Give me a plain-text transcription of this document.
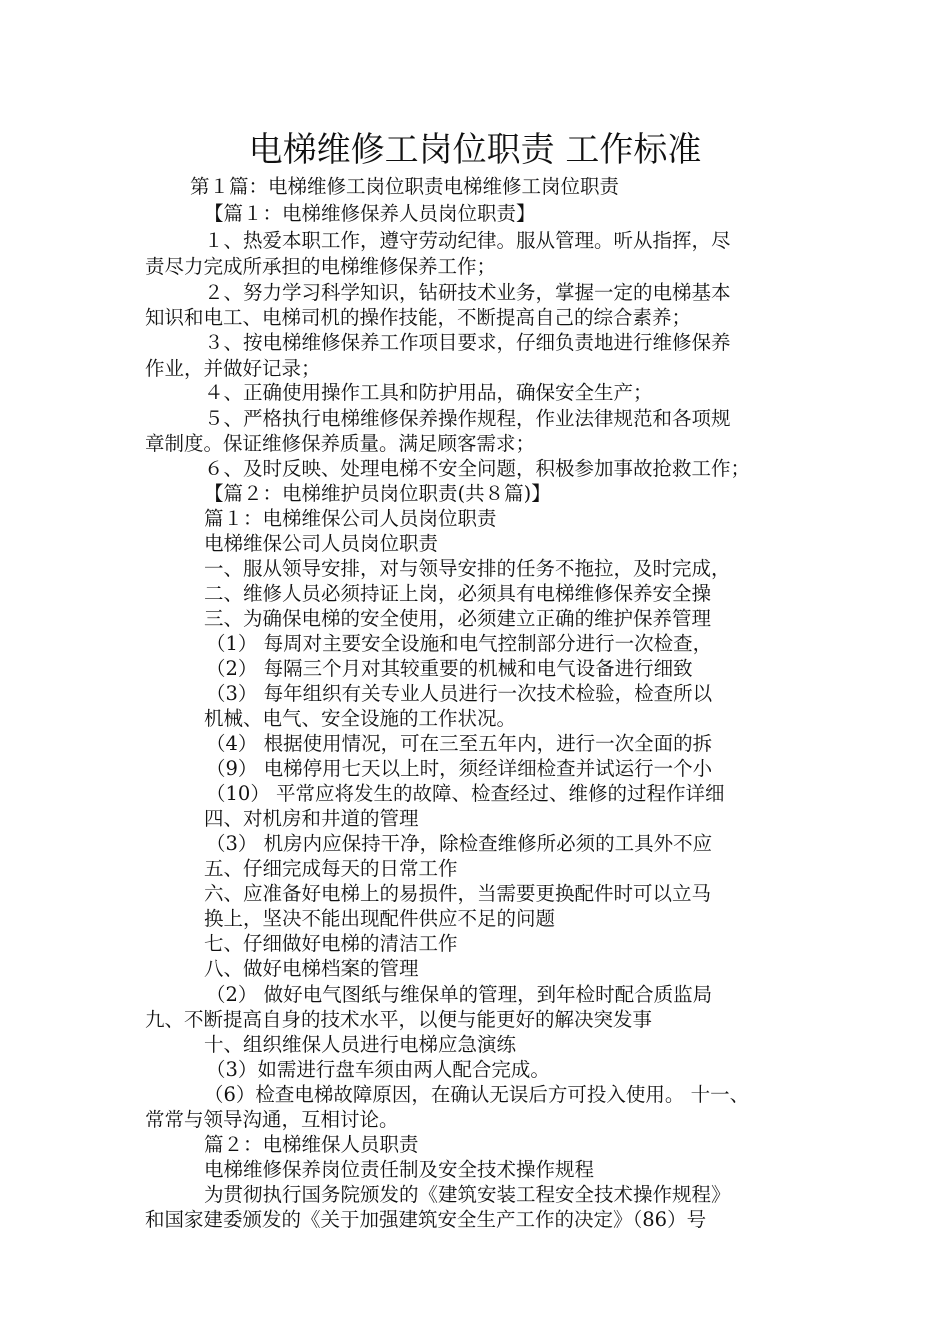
电梯维修工岗位职责 工作标准
第１篇：电梯维修工岗位职责电梯维修工岗位职责
【篇１：电梯维修保养人员岗位职责】
１、热爱本职工作，遵守劳动纪律。服从管理。听从指挥，尽
责尽力完成所承担的电梯维修保养工作；
２、努力学习科学知识，钻研技术业务，掌握一定的电梯基本
知识和电工、电梯司机的操作技能，不断提高自己的综合素养；
３、按电梯维修保养工作项目要求，仔细负责地进行维修保养
作业，并做好记录；
４、正确使用操作工具和防护用品，确保安全生产；
５、严格执行电梯维修保养操作规程，作业法律规范和各项规
章制度。保证维修保养质量。满足顾客需求；
６、及时反映、处理电梯不安全问题，积极参加事故抢救工作；
【篇２：电梯维护员岗位职责(共８篇)】
篇１：电梯维保公司人员岗位职责
电梯维保公司人员岗位职责
一、服从领导安排，对与领导安排的任务不拖拉，及时完成，
二、维修人员必须持证上岗，必须具有电梯维修保养安全操
三、为确保电梯的安全使用，必须建立正确的维护保养管理
（1） 每周对主要安全设施和电气控制部分进行一次检查，
（2） 每隔三个月对其较重要的机械和电气设备进行细致
（3） 每年组织有关专业人员进行一次技术检验，检查所以
机械、电气、安全设施的工作状况。
（4） 根据使用情况，可在三至五年内，进行一次全面的拆
（9） 电梯停用七天以上时，须经详细检查并试运行一个小
（10） 平常应将发生的故障、检查经过、维修的过程作详细
四、对机房和井道的管理
（3） 机房内应保持干净，除检查维修所必须的工具外不应
五、仔细完成每天的日常工作
六、应准备好电梯上的易损件，当需要更换配件时可以立马
换上，坚决不能出现配件供应不足的问题
七、仔细做好电梯的清洁工作
八、做好电梯档案的管理
（2） 做好电气图纸与维保单的管理，到年检时配合质监局
九、不断提高自身的技术水平，以便与能更好的解决突发事
十、组织维保人员进行电梯应急演练
（3）如需进行盘车须由两人配合完成。
（6）检查电梯故障原因，在确认无误后方可投入使用。 十一、
常常与领导沟通，互相讨论。
篇２：电梯维保人员职责
电梯维修保养岗位责任制及安全技术操作规程
为贯彻执行国务院颁发的《建筑安装工程安全技术操作规程》
和国家建委颁发的《关于加强建筑安全生产工作的决定》（86）号
